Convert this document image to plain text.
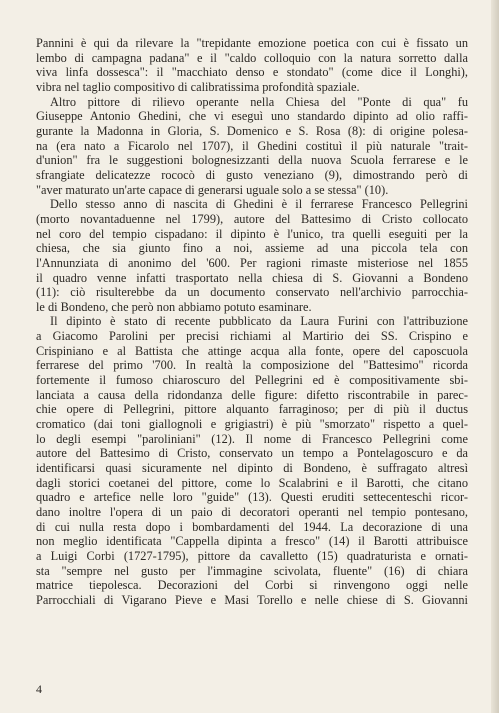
Pannini è qui da rilevare la "trepidante emozione poetica con cui è fissato un
lembo di campagna padana" e il "caldo colloquio con la natura sorretto dalla
viva linfa dossesca": il "macchiato denso e stondato" (come dice il Longhi),
vibra nel taglio compositivo di calibratissima profondità spaziale.

Altro pittore di rilievo operante nella Chiesa del "Ponte di qua" fu
Giuseppe Antonio Ghedini, che vi eseguì uno standardo dipinto ad olio raffi-
gurante la Madonna in Gloria, S. Domenico e S. Rosa (8): di origine polesa-
na (era nato a Ficarolo nel 1707), il Ghedini costituì il più naturale "trait-
d'union" fra le suggestioni bolognesizzanti della nuova Scuola ferrarese e le
sfrangiate delicatezze rococò di gusto veneziano (9), dimostrando però di
"aver maturato un'arte capace di generarsi uguale solo a se stessa" (10).

Dello stesso anno di nascita di Ghedini è il ferrarese Francesco Pellegrini
(morto novantaduenne nel 1799), autore del Battesimo di Cristo collocato
nel coro del tempio cispadano: il dipinto è l'unico, tra quelli eseguiti per la
chiesa, che sia giunto fino a noi, assieme ad una piccola tela con
l'Annunziata di anonimo del '600. Per ragioni rimaste misteriose nel 1855
il quadro venne infatti trasportato nella chiesa di S. Giovanni a Bondeno
(11): ciò risulterebbe da un documento conservato nell'archivio parrocchia-
le di Bondeno, che però non abbiamo potuto esaminare.

Il dipinto è stato di recente pubblicato da Laura Furini con l'attribuzione
a Giacomo Parolini per precisi richiami al Martirio dei SS. Crispino e
Crispiniano e al Battista che attinge acqua alla fonte, opere del caposcuola
ferrarese del primo '700. In realtà la composizione del "Battesimo" ricorda
fortemente il fumoso chiaroscuro del Pellegrini ed è compositivamente sbi-
lanciata a causa della ridondanza delle figure: difetto riscontrabile in parec-
chie opere di Pellegrini, pittore alquanto farraginoso; per di più il ductus
cromatico (dai toni giallognoli e grigiastri) è più "smorzato" rispetto a quel-
lo degli esempi "paroliniani" (12). Il nome di Francesco Pellegrini come
autore del Battesimo di Cristo, conservato un tempo a Pontelagoscuro e da
identificarsi quasi sicuramente nel dipinto di Bondeno, è suffragato altresì
dagli storici coetanei del pittore, come lo Scalabrini e il Barotti, che citano
quadro e artefice nelle loro "guide" (13). Questi eruditi settecenteschi ricor-
dano inoltre l'opera di un paio di decoratori operanti nel tempio pontesano,
di cui nulla resta dopo i bombardamenti del 1944. La decorazione di una
non meglio identificata "Cappella dipinta a fresco" (14) il Barotti attribuisce
a Luigi Corbi (1727-1795), pittore da cavalletto (15) quadraturista e ornati-
sta "sempre nel gusto per l'immagine scivolata, fluente" (16) di chiara
matrice tiepolesca. Decorazioni del Corbi si rinvengono oggi nelle
Parrocchiali di Vigarano Pieve e Masi Torello e nelle chiese di S. Giovanni

4
